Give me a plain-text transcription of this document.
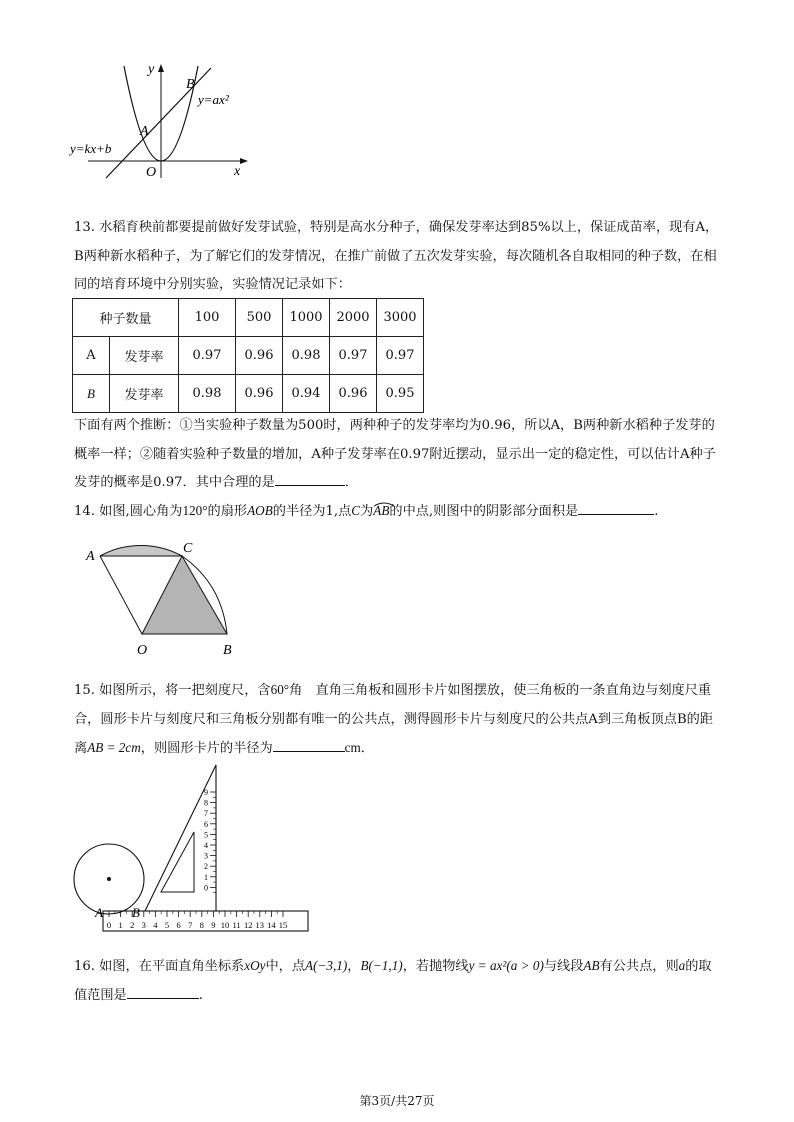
y
x
O
A
B
y=ax²
y=kx+b
13. 水稻育秧前都要提前做好发芽试验，特别是高水分种子，确保发芽率达到85%以上，保证成苗率，现有A，B两种新水稻种子，为了解它们的发芽情况，在推广前做了五次发芽实验，每次随机各自取相同的种子数，在相同的培育环境中分别实验，实验情况记录如下：
种子数量		100	500	1000	2000	3000
A	发芽率	0.97	0.96	0.98	0.97	0.97
B	发芽率	0.98	0.96	0.94	0.96	0.95
下面有两个推断：①当实验种子数量为500时，两种种子的发芽率均为0.96，所以A，B两种新水稻种子发芽的概率一样；②随着实验种子数量的增加，A种子发芽率在0.97附近摆动，显示出一定的稳定性，可以估计A种子发芽的概率是0.97．其中合理的是	．
14. 如图,圆心角为120°的扇形AOB的半径为1,点C为AB
的中点,则图中的阴影部分面积是	.
A
C
O	B
15. 如图所示，将一把刻度尺，含60°角　直角三角板和圆形卡片如图摆放，使三角板的一条直角边与刻度尺重合，圆形卡片与刻度尺和三角板分别都有唯一的公共点，测得圆形卡片与刻度尺的公共点A到三角板顶点B的距离AB = 2cm，则圆形卡片的半径为	cm．
9
8
7
6
5
4
3
2
1
0
0 1 2 3 4 5 6 7 8 9 10 11 12 13 14 15
A B
16. 如图，在平面直角坐标系xOy中，点A(−3,1)，B(−1,1)，若抛物线y = ax²(a > 0)与线段AB有公共点，则a的取值范围是	.
第3页/共27页
